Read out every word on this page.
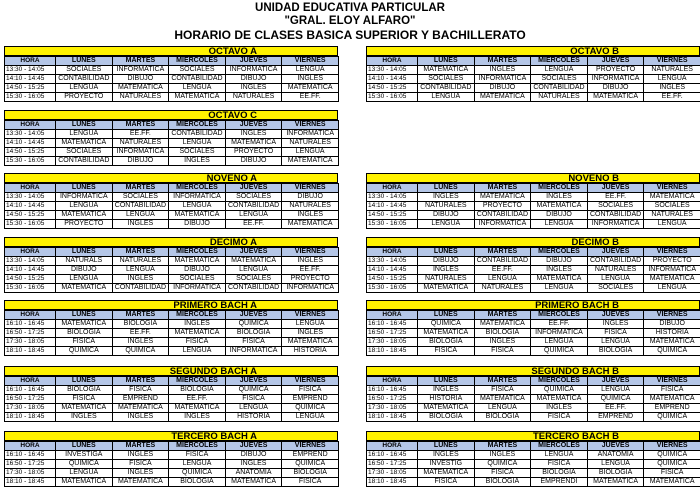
UNIDAD EDUCATIVA PARTICULAR
"GRAL. ELOY ALFARO"
HORARIO DE CLASES BASICA SUPERIOR Y BACHILLERATO
OCTAVO A
HORA	LUNES	MARTES	MIÉRCOLES	JUEVES	VIERNES
13:30 - 14:05	SOCIALES	INFORMATICA	SOCIALES	INFORMATICA	LENGUA
14:10 - 14:45	CONTABILIDAD	DIBUJO	CONTABILIDAD	DIBUJO	INGLES
14:50 - 15:25	LENGUA	MATEMATICA	LENGUA	INGLES	MATEMATICA
15:30 - 16:05	PROYECTO	NATURALES	MATEMATICA	NATURALES	EE.FF.
OCTAVO B
HORA	LUNES	MARTES	MIÉRCOLES	JUEVES	VIERNES
13:30 - 14:05	MATEMATICA	INGLES	LENGUA	PROYECTO	NATURALES
14:10 - 14:45	SOCIALES	INFORMATICA	SOCIALES	INFORMATICA	LENGUA
14:50 - 15:25	CONTABILIDAD	DIBUJO	CONTABILIDAD	DIBUJO	INGLES
15:30 - 16:05	LENGUA	MATEMATICA	NATURALES	MATEMATICA	EE.FF.
OCTAVO C
HORA	LUNES	MARTES	MIÉRCOLES	JUEVES	VIERNES
13:30 - 14:05	LENGUA	EE.FF.	CONTABILIDAD	INGLES	INFORMATICA
14:10 - 14:45	MATEMATICA	NATURALES	LENGUA	MATEMATICA	NATURALES
14:50 - 15:25	SOCIALES	INFORMATICA	SOCIALES	PROYECTO	LENGUA
15:30 - 16:05	CONTABILIDAD	DIBUJO	INGLES	DIBUJO	MATEMATICA
NOVENO A
HORA	LUNES	MARTES	MIÉRCOLES	JUEVES	VIERNES
13:30 - 14:05	INFORMATICA	SOCIALES	INFORMATICA	SOCIALES	DIBUJO
14:10 - 14:45	LENGUA	CONTABILIDAD	LENGUA	CONTABILIDAD	NATURALES
14:50 - 15:25	MATEMATICA	LENGUA	MATEMATICA	LENGUA	INGLES
15:30 - 16:05	PROYECTO	INGLES	DIBUJO	EE.FF.	MATEMATICA
NOVENO B
HORA	LUNES	MARTES	MIÉRCOLES	JUEVES	VIERNES
13:30 - 14:05	INGLES	MATEMATICA	INGLES	EE.FF.	MATEMATICA
14:10 - 14:45	NATURALES	PROYECTO	MATEMATICA	SOCIALES	SOCIALES
14:50 - 15:25	DIBUJO	CONTABILIDAD	DIBUJO	CONTABILIDAD	NATURALES
15:30 - 16:05	LENGUA	INFORMATICA	LENGUA	INFORMATICA	LENGUA
DECIMO A
HORA	LUNES	MARTES	MIÉRCOLES	JUEVES	VIERNES
13:30 - 14:05	NATURALS	NATURALES	MATEMATICA	MATEMATICA	INGLES
14:10 - 14:45	DIBUJO	LENGUA	DIBUJO	LENGUA	EE.FF.
14:50 - 15:25	LENGUA	INGLES	SOCIALES	SOCIALES	PROYECTO
15:30 - 16:05	MATEMATICA	CONTABILIDAD	INFORMATICA	CONTABILIDAD	INFORMATICA
DECIMO B
HORA	LUNES	MARTES	MIÉRCOLES	JUEVES	VIERNES
13:30 - 14:05	DIBUJO	CONTABILIDAD	DIBUJO	CONTABILIDAD	PROYECTO
14:10 - 14:45	INGLES	EE.FF.	INGLES	NATURALES	INFORMATICA
14:50 - 15:25	NATURALES	LENGUA	MATEMATICA	LENGUA	MATEMATICA
15:30 - 16:05	MATEMATICA	NATURALES	LENGUA	SOCIALES	LENGUA
PRIMERO BACH A
HORA	LUNES	MARTES	MIÉRCOLES	JUEVES	VIERNES
16:10 - 16:45	MATEMATICA	BIOLOGIA	INGLES	QUIMICA	LENGUA
16:50 - 17:25	BIOLOGIA	EE.FF.	MATEMATICA	BIOLOGIA	INGLES
17:30 - 18:05	FISICA	INGLES	FISICA	FISICA	MATEMATICA
18:10 - 18:45	QUIMICA	QUIMICA	LENGUA	INFORMATICA	HISTORIA
PRIMERO BACH B
HORA	LUNES	MARTES	MIÉRCOLES	JUEVES	VIERNES
16:10 - 16:45	QUIMICA	MATEMATICA	EE.FF.	INGLES	DIBUJO
16:50 - 17:25	MATEMATICA	BIOLOGIA	INFORMATICA	FISICA	HISTORIA
17:30 - 18:05	BIOLOGIA	INGLES	LENGUA	LENGUA	MATEMATICA
18:10 - 18:45	FISICA	FISICA	QUIMICA	BIOLOGIA	QUIMICA
SEGUNDO BACH A
HORA	LUNES	MARTES	MIÉRCOLES	JUEVES	VIERNES
16:10 - 16:45	BIOLOGIA	FISICA	BIOLOGIA	QUIMICA	FISICA
16:50 - 17:25	FISICA	EMPREND	EE.FF.	FISICA	EMPREND
17:30 - 18:05	MATEMATICA	MATEMATICA	MATEMATICA	LENGUA	QUIMICA
18:10 - 18:45	INGLES	INGLES	INGLES	HISTORIA	LENGUA
SEGUNDO BACH B
HORA	LUNES	MARTES	MIÉRCOLES	JUEVES	VIERNES
16:10 - 16:45	INGLES	FISICA	QUIMICA	LENGUA	FISICA
16:50 - 17:25	HISTORIA	MATEMATICA	MATEMATICA	QUIMICA	MATEMATICA
17:30 - 18:05	MATEMATICA	LENGUA	INGLES	EE.FF.	EMPREND
18:10 - 18:45	BIOLOGIA	BIOLOGIA	FISICA	EMPREND	QUIMICA
TERCERO BACH A
HORA	LUNES	MARTES	MIÉRCOLES	JUEVES	VIERNES
16:10 - 16:45	INVESTIGA	INGLES	FISICA	DIBUJO	EMPREND
16:50 - 17:25	QUIMICA	FISICA	LENGUA	INGLES	QUIMICA
17:30 - 18:05	LENGUA	INGLES	QUIMICA	ANATOMIA	BIOLOGIA
18:10 - 18:45	MATEMATICA	MATEMATICA	BIOLOGIA	MATEMATICA	FISICA
TERCERO BACH B
HORA	LUNES	MARTES	MIÉRCOLES	JUEVES	VIERNES
16:10 - 16:45	INGLES	INGLES	LENGUA	ANATOMIA	QUIMICA
16:50 - 17:25	INVESTIG	QUIMICA	FISICA	LENGUA	QUIMICA
17:30 - 18:05	MATEMATICA	FISICA	BIOLOGIA	BIOLOGIA	FISICA
18:10 - 18:45	FISICA	BIOLOGIA	EMPRENDI	MATEMATICA	MATEMATICA
